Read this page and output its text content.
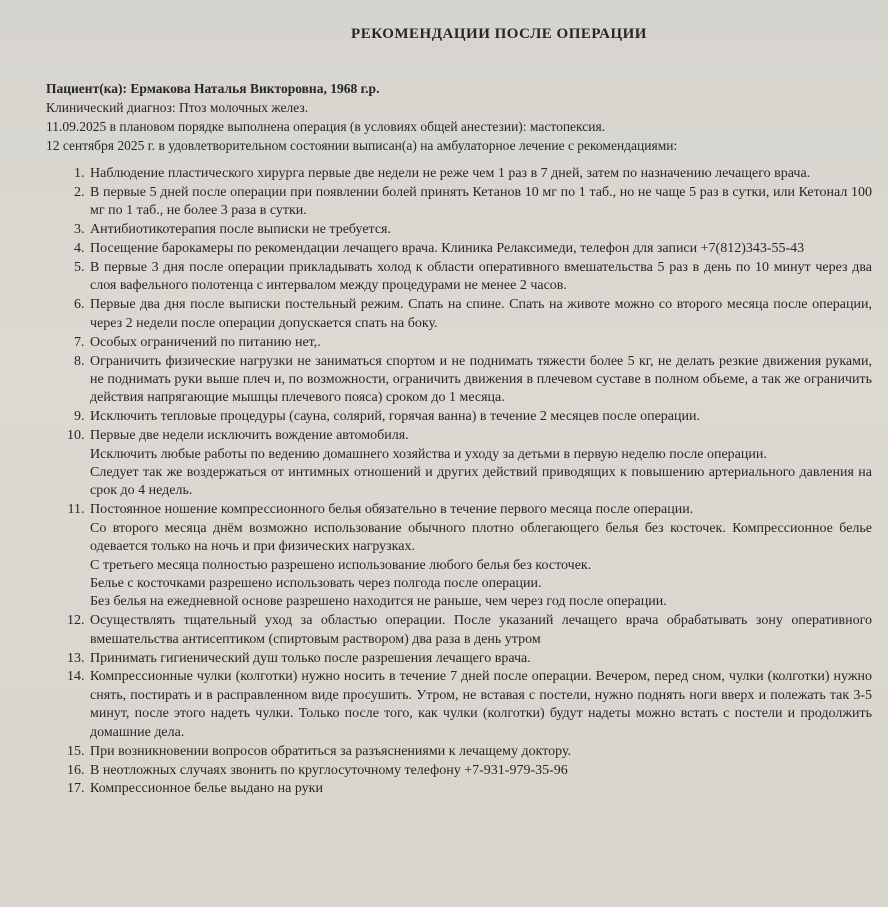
РЕКОМЕНДАЦИИ ПОСЛЕ ОПЕРАЦИИ

Пациент(ка): Ермакова Наталья Викторовна, 1968 г.р.

Клинический диагноз: Птоз молочных желез.

11.09.2025 в плановом порядке выполнена операция (в условиях общей анестезии): мастопексия.

12 сентября 2025 г. в удовлетворительном состоянии выписан(а) на амбулаторное лечение с рекомендациями:

1. Наблюдение пластического хирурга первые две недели не реже чем 1 раз в 7 дней, затем по назначению лечащего врача.
2. В первые 5 дней после операции при появлении болей принять Кетанов 10 мг по 1 таб., но не чаще 5 раз в сутки, или Кетонал 100 мг по 1 таб., не более 3 раза в сутки.
3. Антибиотикотерапия после выписки не требуется.
4. Посещение барокамеры по рекомендации лечащего врача. Клиника Релаксимеди, телефон для записи +7(812)343-55-43
5. В первые 3 дня после операции прикладывать холод к области оперативного вмешательства 5 раз в день по 10 минут через два слоя вафельного полотенца с интервалом между процедурами не менее 2 часов.
6. Первые два дня после выписки постельный режим. Спать на спине. Спать на животе можно со второго месяца после операции, через 2 недели после операции допускается спать на боку.
7. Особых ограничений по питанию нет,.
8. Ограничить физические нагрузки не заниматься спортом и не поднимать тяжести более 5 кг, не делать резкие движения руками, не поднимать руки выше плеч и, по возможности, ограничить движения в плечевом суставе в полном обьеме, а так же ограничить действия напрягающие мышцы плечевого пояса) сроком до 1 месяца.
9. Исключить тепловые процедуры (сауна, солярий, горячая ванна) в течение 2 месяцев после операции.
10. Первые две недели исключить вождение автомобиля.
Исключить любые работы по ведению домашнего хозяйства и уходу за детьми в первую неделю после операции.
Следует так же воздержаться от интимных отношений и других действий приводящих к повышению артериального давления на срок до 4 недель.
11. Постоянное ношение компрессионного белья обязательно в течение первого месяца после операции.
Со второго месяца днём возможно использование обычного плотно облегающего белья без косточек. Компрессионное белье одевается только на ночь и при физических нагрузках.
С третьего месяца полностью разрешено использование любого белья без косточек.
Белье с косточками разрешено использовать через полгода после операции.
Без белья на ежедневной основе разрешено находится не раньше, чем через год после операции.
12. Осуществлять тщательный уход за областью операции. После указаний лечащего врача обрабатывать зону оперативного вмешательства антисептиком (спиртовым раствором) два раза в день утром
13. Принимать гигиенический душ только после разрешения лечащего врача.
14. Компрессионные чулки (колготки) нужно носить в течение 7 дней после операции. Вечером, перед сном, чулки (колготки) нужно снять, постирать и в расправленном виде просушить. Утром, не вставая с постели, нужно поднять ноги вверх и полежать так 3-5 минут, после этого надеть чулки. Только после того, как чулки (колготки) будут надеты можно встать с постели и продолжить домашние дела.
15. При возникновении вопросов обратиться за разъяснениями к лечащему доктору.
16. В неотложных случаях звонить по круглосуточному телефону +7-931-979-35-96
17. Компрессионное белье выдано на руки
